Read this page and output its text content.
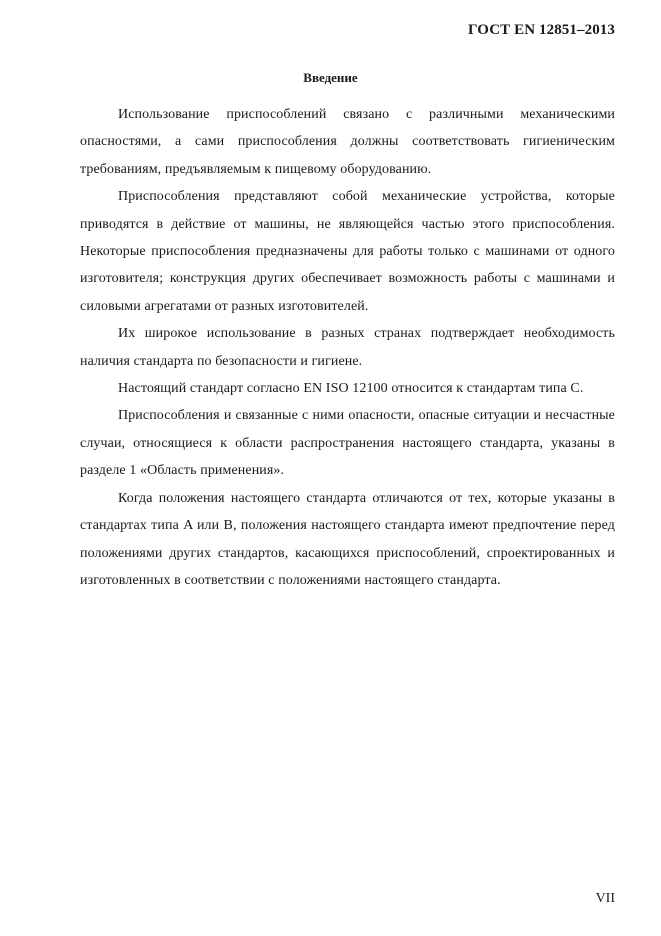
ГОСТ EN 12851–2013
Введение

Использование приспособлений связано с различными механическими опасностями, а сами приспособления должны соответствовать гигиеническим требованиям, предъявляемым к пищевому оборудованию.

Приспособления представляют собой механические устройства, которые приводятся в действие от машины, не являющейся частью этого приспособления. Некоторые приспособления предназначены для работы только с машинами от одного изготовителя; конструкция других обеспечивает возможность работы с машинами и силовыми агрегатами от разных изготовителей.

Их широкое использование в разных странах подтверждает необходимость наличия стандарта по безопасности и гигиене.

Настоящий стандарт согласно EN ISO 12100 относится к стандартам типа C.

Приспособления и связанные с ними опасности, опасные ситуации и несчастные случаи, относящиеся к области распространения настоящего стандарта, указаны в разделе 1 «Область применения».

Когда положения настоящего стандарта отличаются от тех, которые указаны в стандартах типа A или B, положения настоящего стандарта имеют предпочтение перед положениями других стандартов, касающихся приспособлений, спроектированных и изготовленных в соответствии с положениями настоящего стандарта.

VII
